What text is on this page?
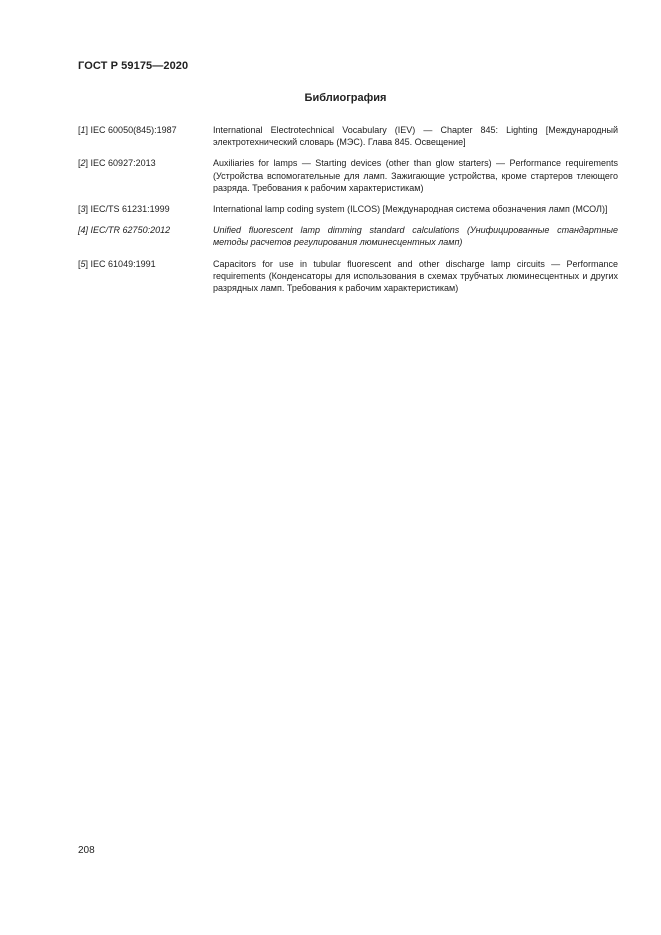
ГОСТ Р 59175—2020
Библиография
[1] IEC 60050(845):1987	International Electrotechnical Vocabulary (IEV) — Chapter 845: Lighting [Международный электротехнический словарь (МЭС). Глава 845. Освещение]
[2] IEC 60927:2013	Auxiliaries for lamps — Starting devices (other than glow starters) — Performance requirements (Устройства вспомогательные для ламп. Зажигающие устройства, кроме стартеров тлеющего разряда. Требования к рабочим характеристикам)
[3] IEC/TS 61231:1999	International lamp coding system (ILCOS) [Международная система обозначения ламп (МСОЛ)]
[4] IEC/TR 62750:2012	Unified fluorescent lamp dimming standard calculations (Унифицированные стандартные методы расчетов регулирования люминесцентных ламп)
[5] IEC 61049:1991	Capacitors for use in tubular fluorescent and other discharge lamp circuits — Performance requirements (Конденсаторы для использования в схемах трубчатых люминесцентных и других разрядных ламп. Требования к рабочим характеристикам)
208
